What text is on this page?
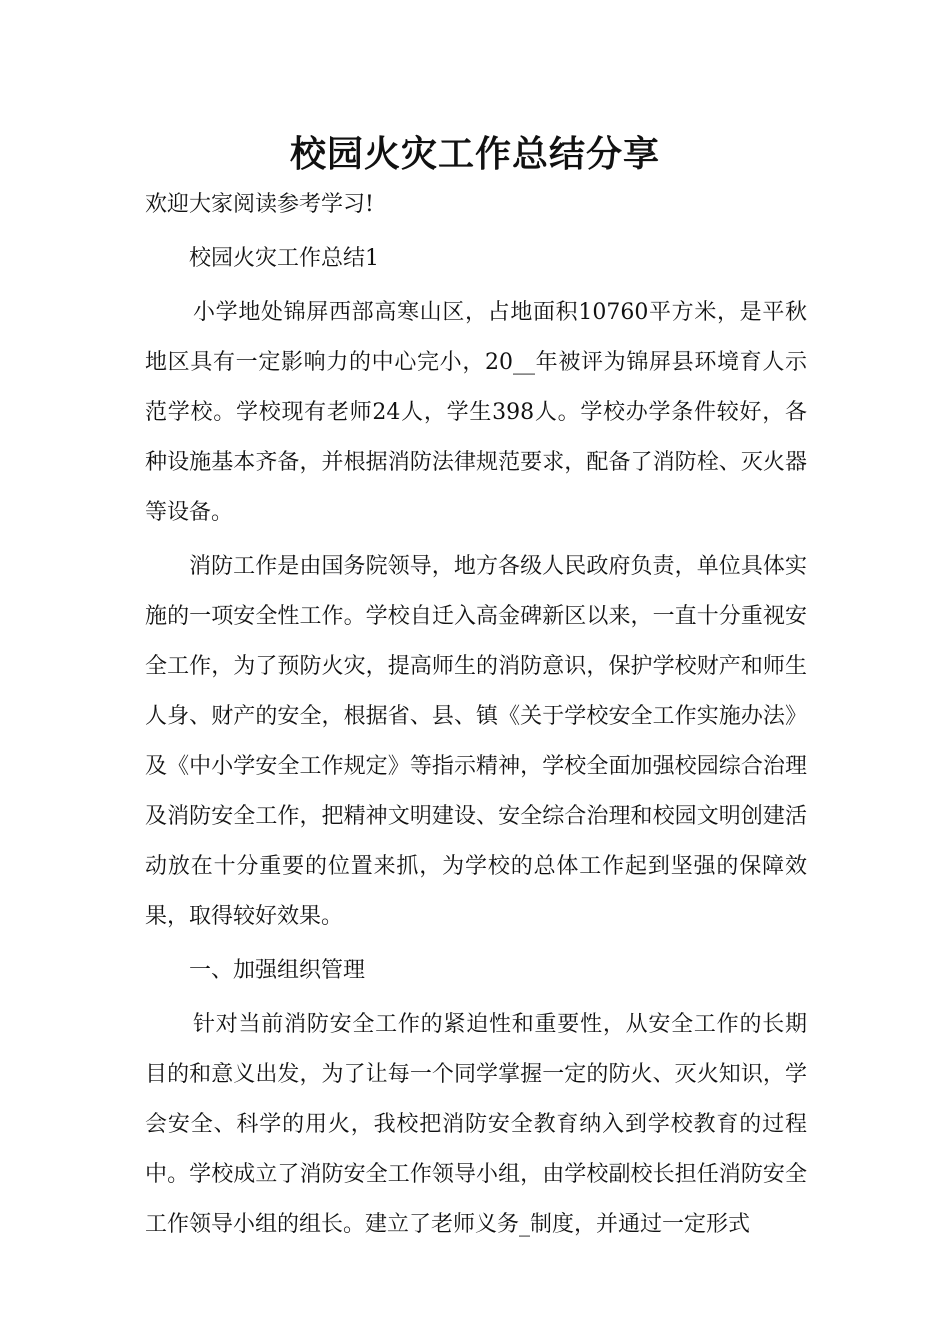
校园火灾工作总结分享

欢迎大家阅读参考学习!

校园火灾工作总结1

小学地处锦屏西部高寒山区，占地面积10760平方米，是平秋地区具有一定影响力的中心完小，20__年被评为锦屏县环境育人示范学校。学校现有老师24人，学生398人。学校办学条件较好，各种设施基本齐备，并根据消防法律规范要求，配备了消防栓、灭火器等设备。

消防工作是由国务院领导，地方各级人民政府负责，单位具体实施的一项安全性工作。学校自迁入高金碑新区以来，一直十分重视安全工作，为了预防火灾，提高师生的消防意识，保护学校财产和师生人身、财产的安全，根据省、县、镇《关于学校安全工作实施办法》及《中小学安全工作规定》等指示精神，学校全面加强校园综合治理及消防安全工作，把精神文明建设、安全综合治理和校园文明创建活动放在十分重要的位置来抓，为学校的总体工作起到坚强的保障效果，取得较好效果。

一、加强组织管理

针对当前消防安全工作的紧迫性和重要性，从安全工作的长期目的和意义出发，为了让每一个同学掌握一定的防火、灭火知识，学会安全、科学的用火，我校把消防安全教育纳入到学校教育的过程中。学校成立了消防安全工作领导小组，由学校副校长担任消防安全工作领导小组的组长。建立了老师义务_制度，并通过一定形式
